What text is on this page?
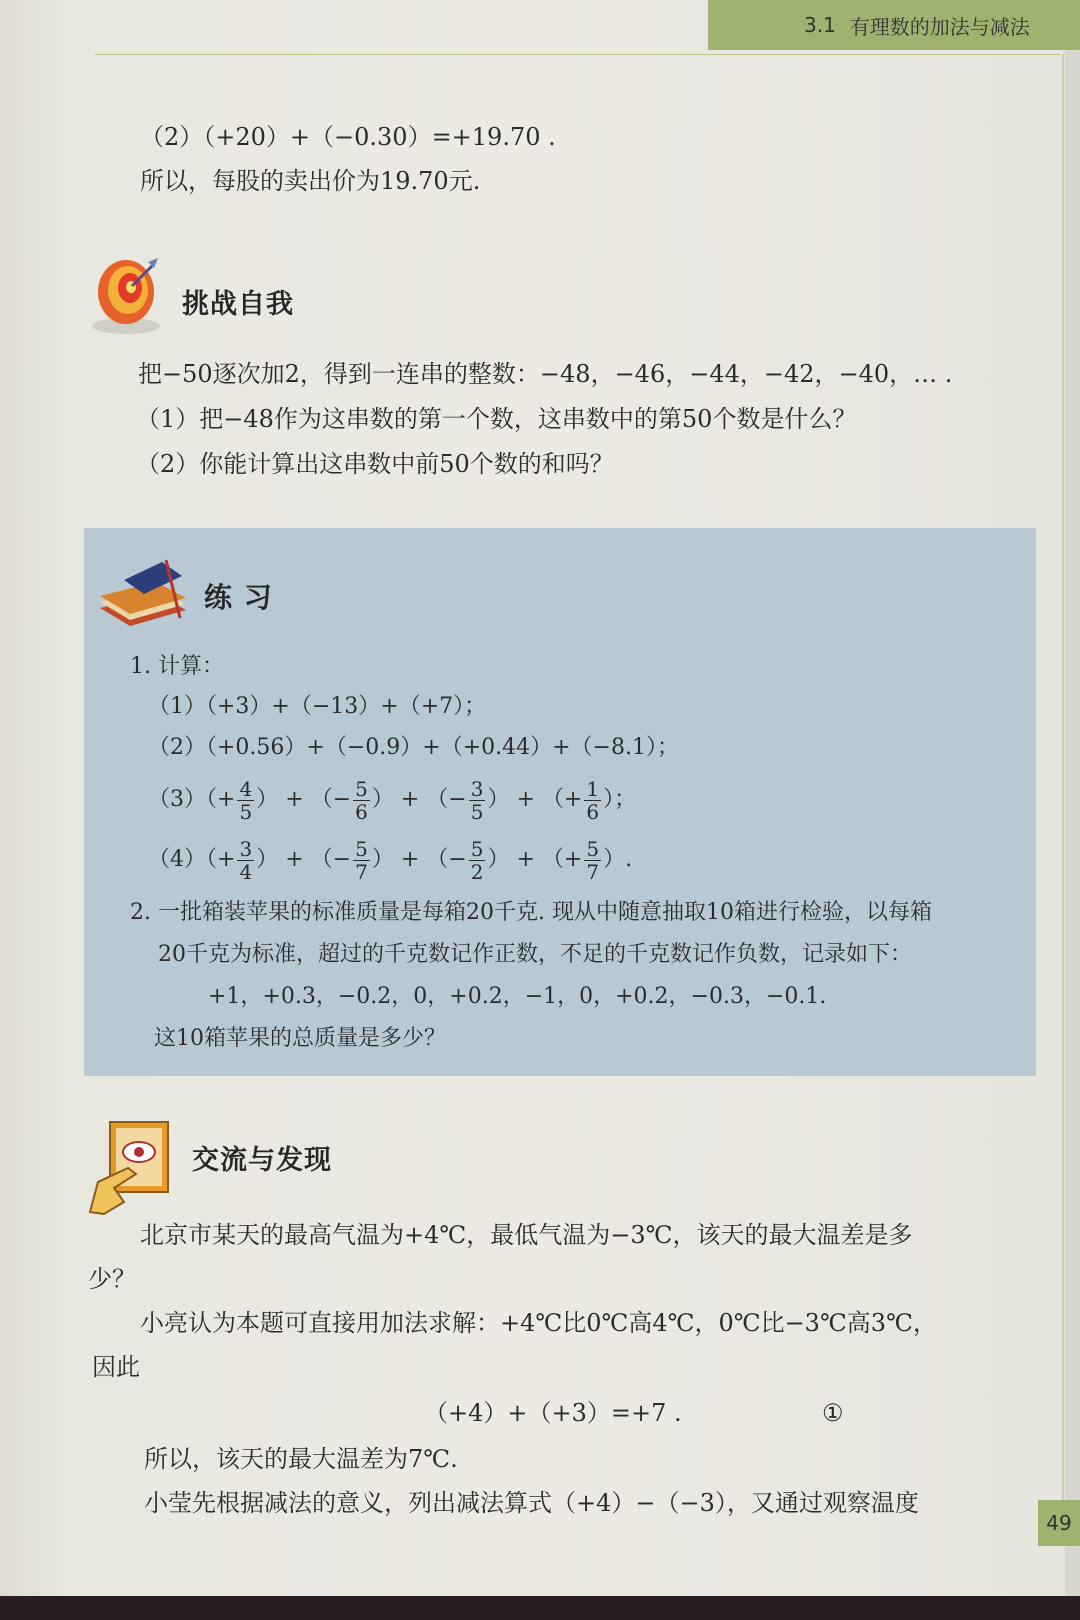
3.1 有理数的加法与减法
（2）（+20）+（−0.30）=+19.70 .
所以，每股的卖出价为19.70元.
挑战自我
把−50逐次加2，得到一连串的整数：−48，−46，−44，−42，−40，… .
（1）把−48作为这串数的第一个数，这串数中的第50个数是什么？
（2）你能计算出这串数中前50个数的和吗？
练 习
1. 计算：
（1）（+3）+（−13）+（+7）；
（2）（+0.56）+（−0.9）+（+0.44）+（−8.1）；
$(3)(+ \frac{4}{5}$ ） + （− $\frac{5}{6}$ ） + （− $\frac{3}{5}$ ） + （+ $\frac{1}{6}$ ）；
$(4)(+ \frac{3}{4}$ ） + （− $\frac{5}{7}$ ） + （− $\frac{5}{2}$ ） + （+ $\frac{5}{7}$ ）.
2. 一批箱装苹果的标准质量是每箱20千克. 现从中随意抽取10箱进行检验，以每箱
20千克为标准，超过的千克数记作正数，不足的千克数记作负数，记录如下：
+1，+0.3，−0.2，0，+0.2，−1，0，+0.2，−0.3，−0.1.
这10箱苹果的总质量是多少？
交流与发现
北京市某天的最高气温为+4℃，最低气温为−3℃，该天的最大温差是多
少？
小亮认为本题可直接用加法求解：+4℃比0℃高4℃，0℃比−3℃高3℃，
因此
（+4）+（+3）=+7 .	①
所以，该天的最大温差为7℃.
小莹先根据减法的意义，列出减法算式（+4）−（−3），又通过观察温度
49
